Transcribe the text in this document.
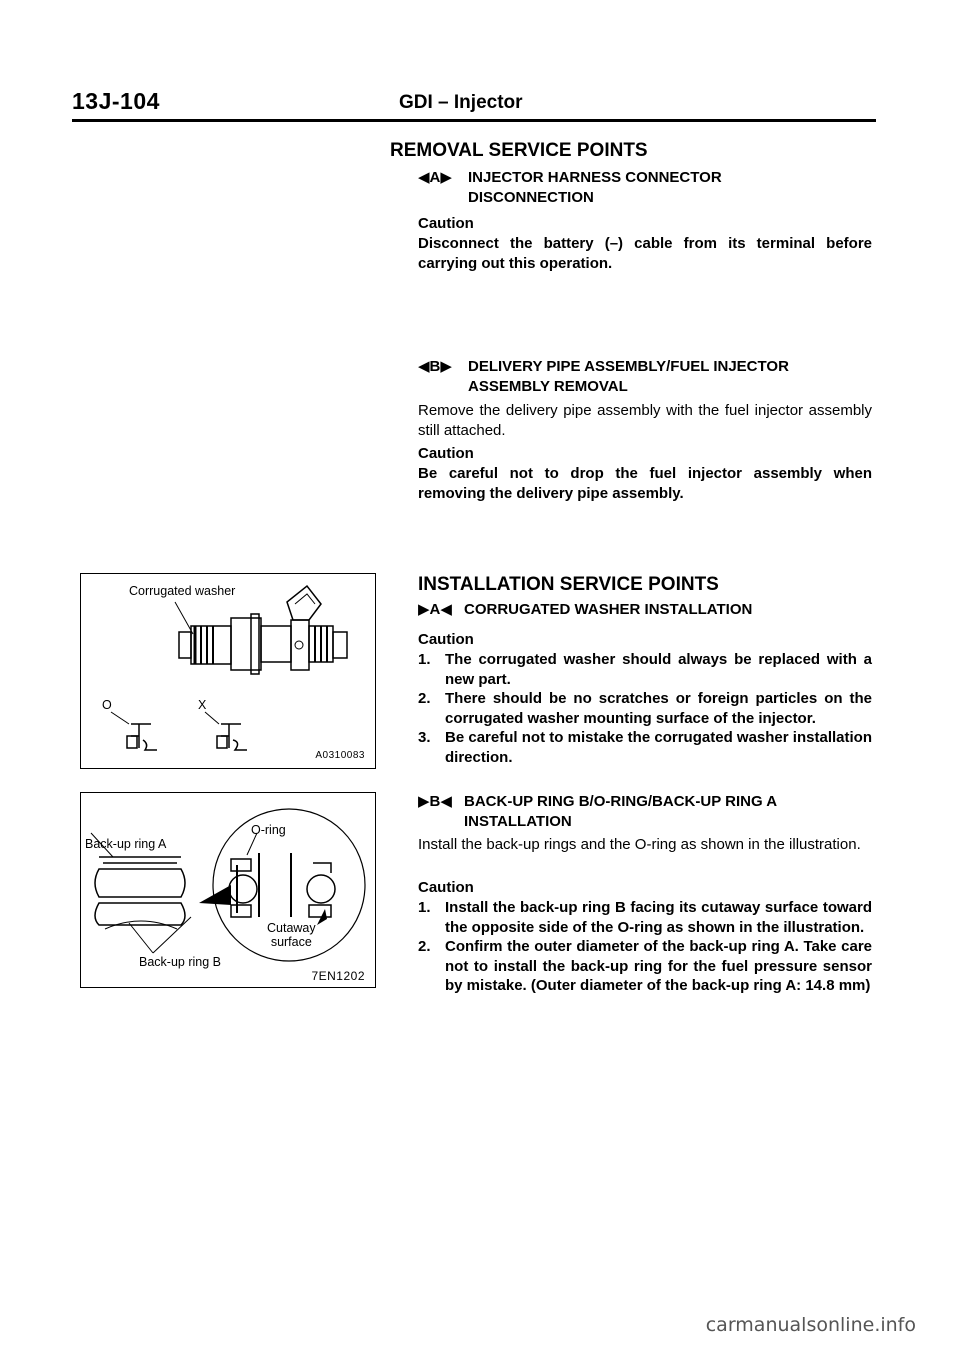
13J-104	GDI – Injector
REMOVAL SERVICE POINTS
◀A▶ INJECTOR HARNESS CONNECTOR
DISCONNECTION
Caution
Disconnect the battery (–) cable from its terminal before carrying out this operation.
◀B▶ DELIVERY PIPE ASSEMBLY/FUEL INJECTOR
ASSEMBLY REMOVAL
Remove the delivery pipe assembly with the fuel injector assembly still attached.
Caution
Be careful not to drop the fuel injector assembly when removing the delivery pipe assembly.
INSTALLATION SERVICE POINTS
▶A◀ CORRUGATED WASHER INSTALLATION
Caution
1. The corrugated washer should always be replaced with a new part.
2. There should be no scratches or foreign particles on the corrugated washer mounting surface of the injector.
3. Be careful not to mistake the corrugated washer installation direction.
▶B◀ BACK-UP RING B/O-RING/BACK-UP RING A
INSTALLATION
Install the back-up rings and the O-ring as shown in the illustration.
Caution
1. Install the back-up ring B facing its cutaway surface toward the opposite side of the O-ring as shown in the illustration.
2. Confirm the outer diameter of the back-up ring A. Take care not to install the back-up ring for the fuel pressure sensor by mistake. (Outer diameter of the back-up ring A: 14.8 mm)
Corrugated washer
O	X
A0310083
Back-up ring A
O-ring
Cutaway
surface
Back-up ring B
7EN1202
carmanualsonline.info
